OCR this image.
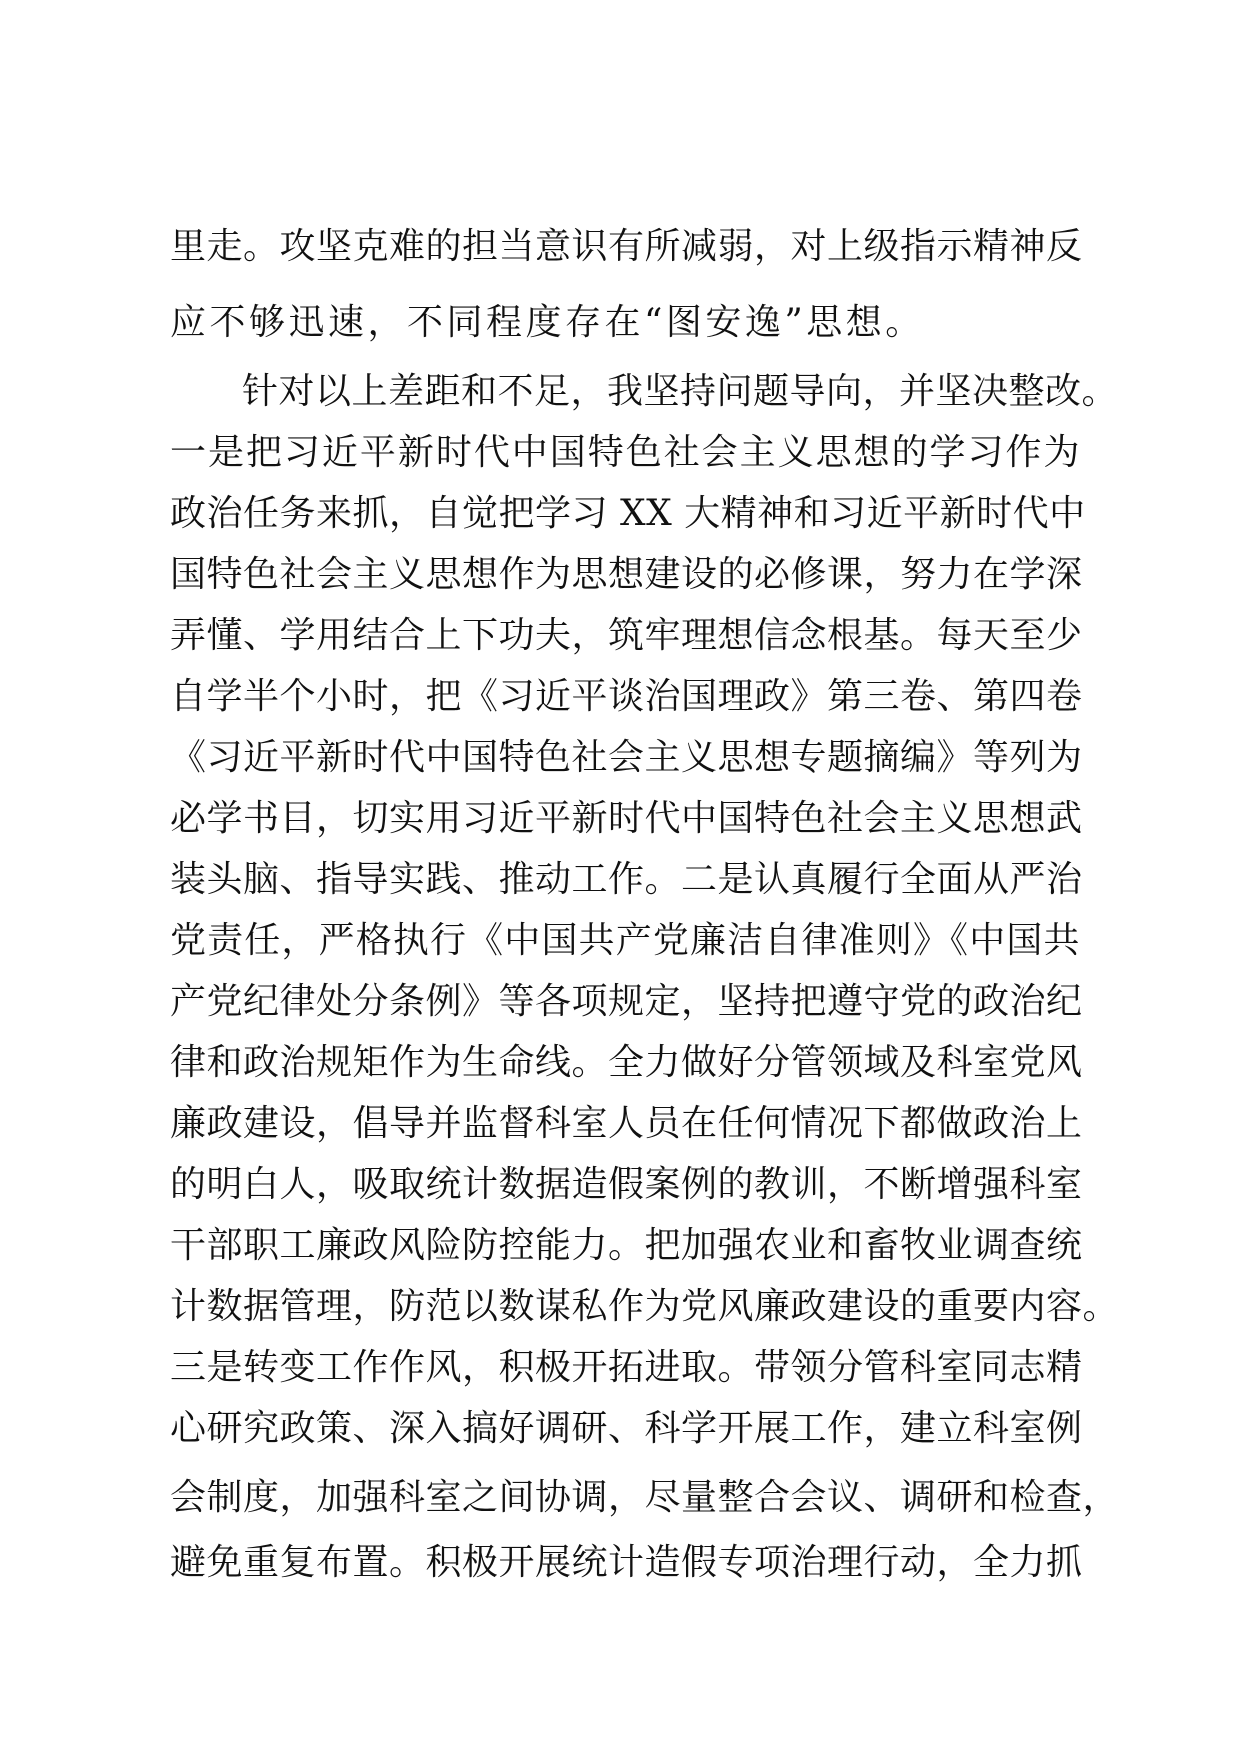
里走。攻坚克难的担当意识有所减弱，对上级指示精神反
应不够迅速，不同程度存在“图安逸”思想。
针对以上差距和不足，我坚持问题导向，并坚决整改。
一是把习近平新时代中国特色社会主义思想的学习作为
政治任务来抓，自觉把学习 XX 大精神和习近平新时代中
国特色社会主义思想作为思想建设的必修课，努力在学深
弄懂、学用结合上下功夫，筑牢理想信念根基。每天至少
自学半个小时，把《习近平谈治国理政》第三卷、第四卷
《习近平新时代中国特色社会主义思想专题摘编》等列为
必学书目，切实用习近平新时代中国特色社会主义思想武
装头脑、指导实践、推动工作。二是认真履行全面从严治
党责任，严格执行《中国共产党廉洁自律准则》《中国共
产党纪律处分条例》等各项规定，坚持把遵守党的政治纪
律和政治规矩作为生命线。全力做好分管领域及科室党风
廉政建设，倡导并监督科室人员在任何情况下都做政治上
的明白人，吸取统计数据造假案例的教训，不断增强科室
干部职工廉政风险防控能力。把加强农业和畜牧业调查统
计数据管理，防范以数谋私作为党风廉政建设的重要内容。
三是转变工作作风，积极开拓进取。带领分管科室同志精
心研究政策、深入搞好调研、科学开展工作，建立科室例
会制度，加强科室之间协调，尽量整合会议、调研和检查，
避免重复布置。积极开展统计造假专项治理行动，全力抓
